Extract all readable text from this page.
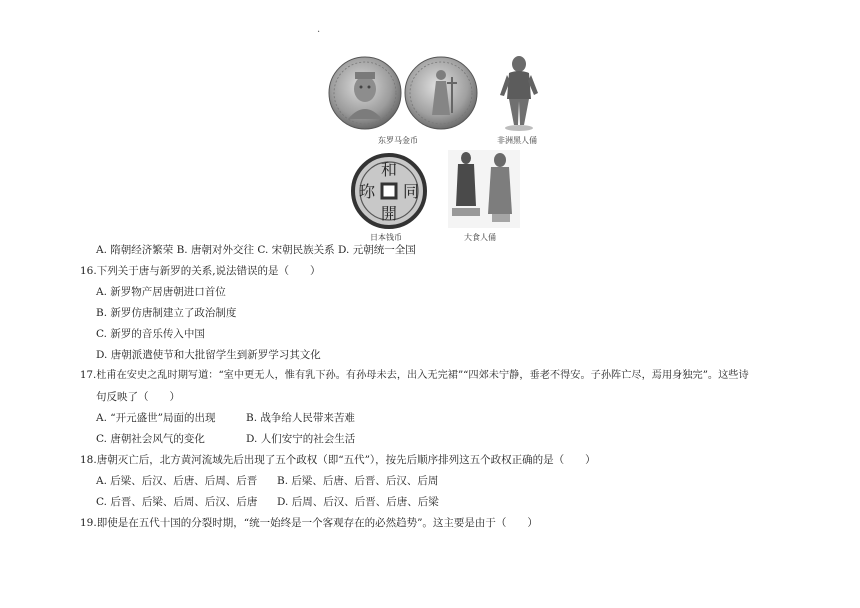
.
东罗马金币	非洲黑人俑
和
同
開
珎
日本钱币	大食人俑
A. 隋朝经济繁荣 B. 唐朝对外交往 C. 宋朝民族关系 D. 元朝统一全国
16.下列关于唐与新罗的关系,说法错误的是（　　）
A. 新罗物产居唐朝进口首位
B. 新罗仿唐制建立了政治制度
C. 新罗的音乐传入中国
D. 唐朝派遣使节和大批留学生到新罗学习其文化
17.杜甫在安史之乱时期写道：“室中更无人，惟有乳下孙。有孙母未去，出入无完裙”“四郊未宁静，垂老不得安。子孙阵亡尽，焉用身独完”。这些诗
句反映了（　　）
A. “开元盛世”局面的出现	B. 战争给人民带来苦难
C. 唐朝社会风气的变化	D. 人们安宁的社会生活
18.唐朝灭亡后，北方黄河流域先后出现了五个政权（即“五代”），按先后顺序排列这五个政权正确的是（　　）
A. 后梁、后汉、后唐、后周、后晋 B. 后梁、后唐、后晋、后汉、后周
C. 后晋、后梁、后周、后汉、后唐 D. 后周、后汉、后晋、后唐、后梁
19.即使是在五代十国的分裂时期，“统一始终是一个客观存在的必然趋势”。这主要是由于（　　）
